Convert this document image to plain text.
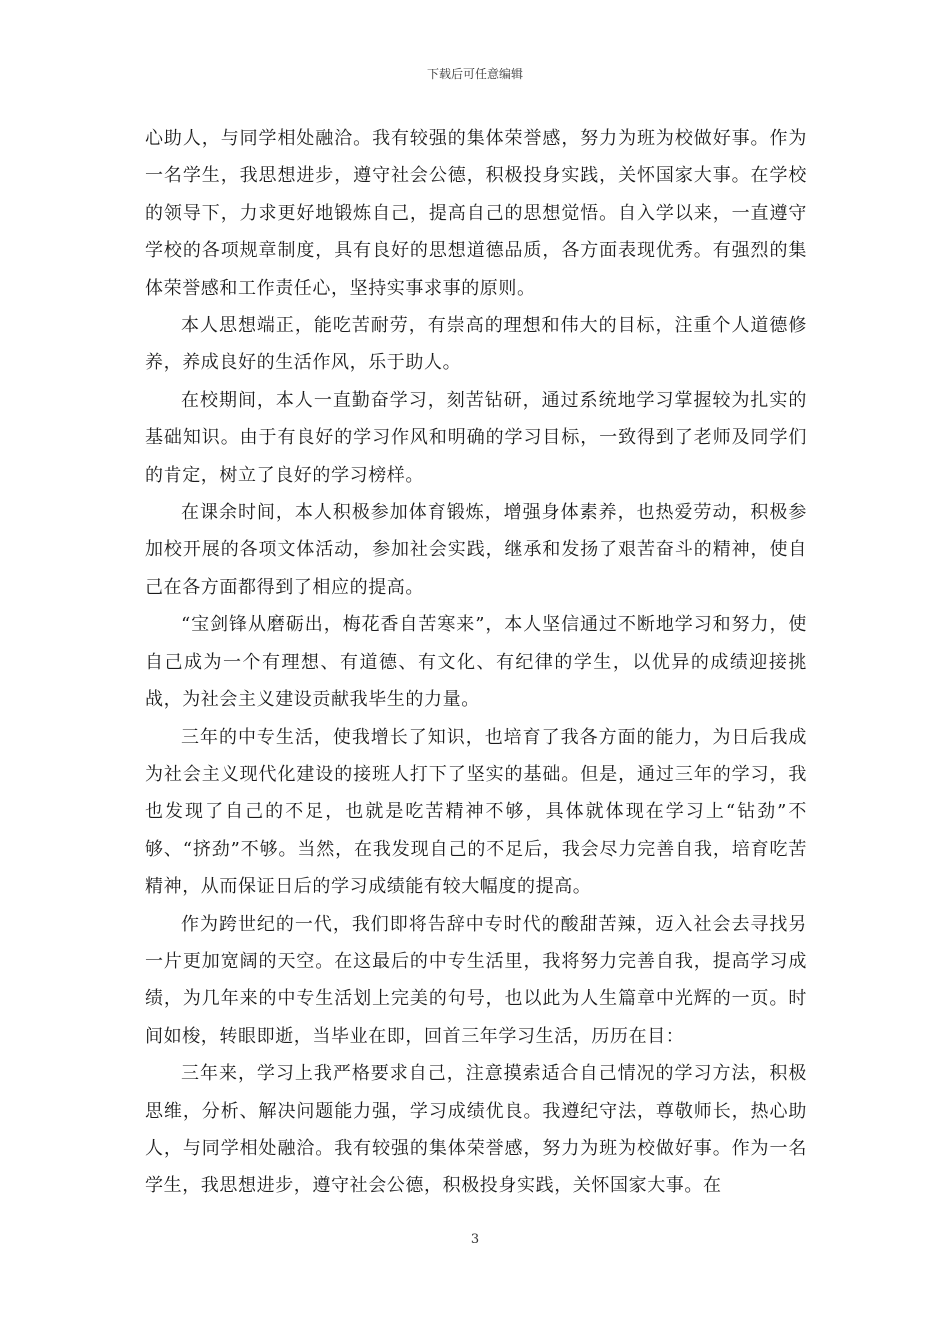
下载后可任意编辑

心助人，与同学相处融洽。我有较强的集体荣誉感，努力为班为校做好事。作为一名学生，我思想进步，遵守社会公德，积极投身实践，关怀国家大事。在学校的领导下，力求更好地锻炼自己，提高自己的思想觉悟。自入学以来，一直遵守学校的各项规章制度，具有良好的思想道德品质，各方面表现优秀。有强烈的集体荣誉感和工作责任心，坚持实事求事的原则。

本人思想端正，能吃苦耐劳，有崇高的理想和伟大的目标，注重个人道德修养，养成良好的生活作风，乐于助人。

在校期间，本人一直勤奋学习，刻苦钻研，通过系统地学习掌握较为扎实的基础知识。由于有良好的学习作风和明确的学习目标，一致得到了老师及同学们的肯定，树立了良好的学习榜样。

在课余时间，本人积极参加体育锻炼，增强身体素养，也热爱劳动，积极参加校开展的各项文体活动，参加社会实践，继承和发扬了艰苦奋斗的精神，使自己在各方面都得到了相应的提高。

“宝剑锋从磨砺出，梅花香自苦寒来”，本人坚信通过不断地学习和努力，使自己成为一个有理想、有道德、有文化、有纪律的学生，以优异的成绩迎接挑战，为社会主义建设贡献我毕生的力量。

三年的中专生活，使我增长了知识，也培育了我各方面的能力，为日后我成为社会主义现代化建设的接班人打下了坚实的基础。但是，通过三年的学习，我也发现了自己的不足，也就是吃苦精神不够，具体就体现在学习上“钻劲”不够、“挤劲”不够。当然，在我发现自己的不足后，我会尽力完善自我，培育吃苦精神，从而保证日后的学习成绩能有较大幅度的提高。

作为跨世纪的一代，我们即将告辞中专时代的酸甜苦辣，迈入社会去寻找另一片更加宽阔的天空。在这最后的中专生活里，我将努力完善自我，提高学习成绩，为几年来的中专生活划上完美的句号，也以此为人生篇章中光辉的一页。时间如梭，转眼即逝，当毕业在即，回首三年学习生活，历历在目：

三年来，学习上我严格要求自己，注意摸索适合自己情况的学习方法，积极思维，分析、解决问题能力强，学习成绩优良。我遵纪守法，尊敬师长，热心助人，与同学相处融洽。我有较强的集体荣誉感，努力为班为校做好事。作为一名学生，我思想进步，遵守社会公德，积极投身实践，关怀国家大事。在

3
